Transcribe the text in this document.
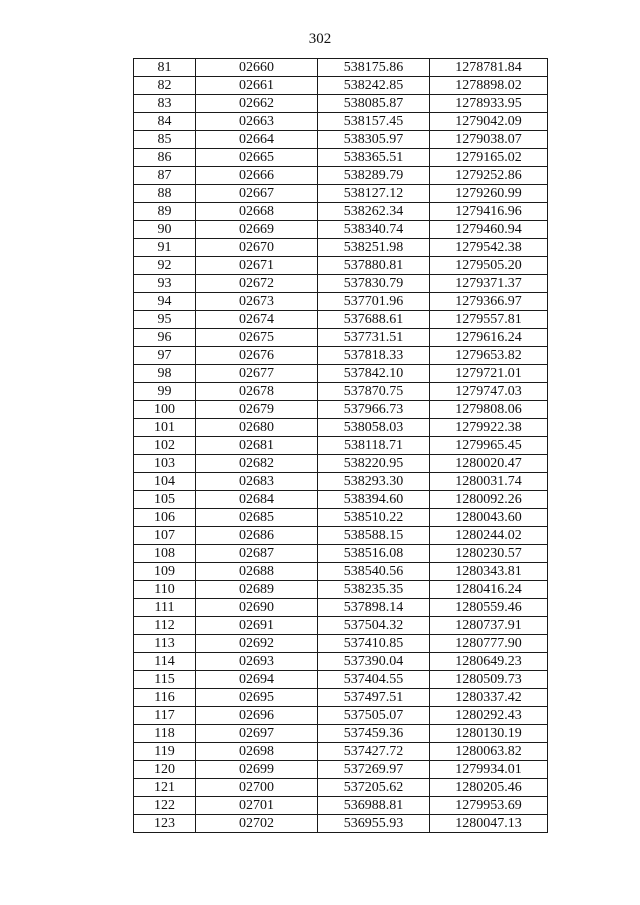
302
81	02660	538175.86	1278781.84
82	02661	538242.85	1278898.02
83	02662	538085.87	1278933.95
84	02663	538157.45	1279042.09
85	02664	538305.97	1279038.07
86	02665	538365.51	1279165.02
87	02666	538289.79	1279252.86
88	02667	538127.12	1279260.99
89	02668	538262.34	1279416.96
90	02669	538340.74	1279460.94
91	02670	538251.98	1279542.38
92	02671	537880.81	1279505.20
93	02672	537830.79	1279371.37
94	02673	537701.96	1279366.97
95	02674	537688.61	1279557.81
96	02675	537731.51	1279616.24
97	02676	537818.33	1279653.82
98	02677	537842.10	1279721.01
99	02678	537870.75	1279747.03
100	02679	537966.73	1279808.06
101	02680	538058.03	1279922.38
102	02681	538118.71	1279965.45
103	02682	538220.95	1280020.47
104	02683	538293.30	1280031.74
105	02684	538394.60	1280092.26
106	02685	538510.22	1280043.60
107	02686	538588.15	1280244.02
108	02687	538516.08	1280230.57
109	02688	538540.56	1280343.81
110	02689	538235.35	1280416.24
111	02690	537898.14	1280559.46
112	02691	537504.32	1280737.91
113	02692	537410.85	1280777.90
114	02693	537390.04	1280649.23
115	02694	537404.55	1280509.73
116	02695	537497.51	1280337.42
117	02696	537505.07	1280292.43
118	02697	537459.36	1280130.19
119	02698	537427.72	1280063.82
120	02699	537269.97	1279934.01
121	02700	537205.62	1280205.46
122	02701	536988.81	1279953.69
123	02702	536955.93	1280047.13
